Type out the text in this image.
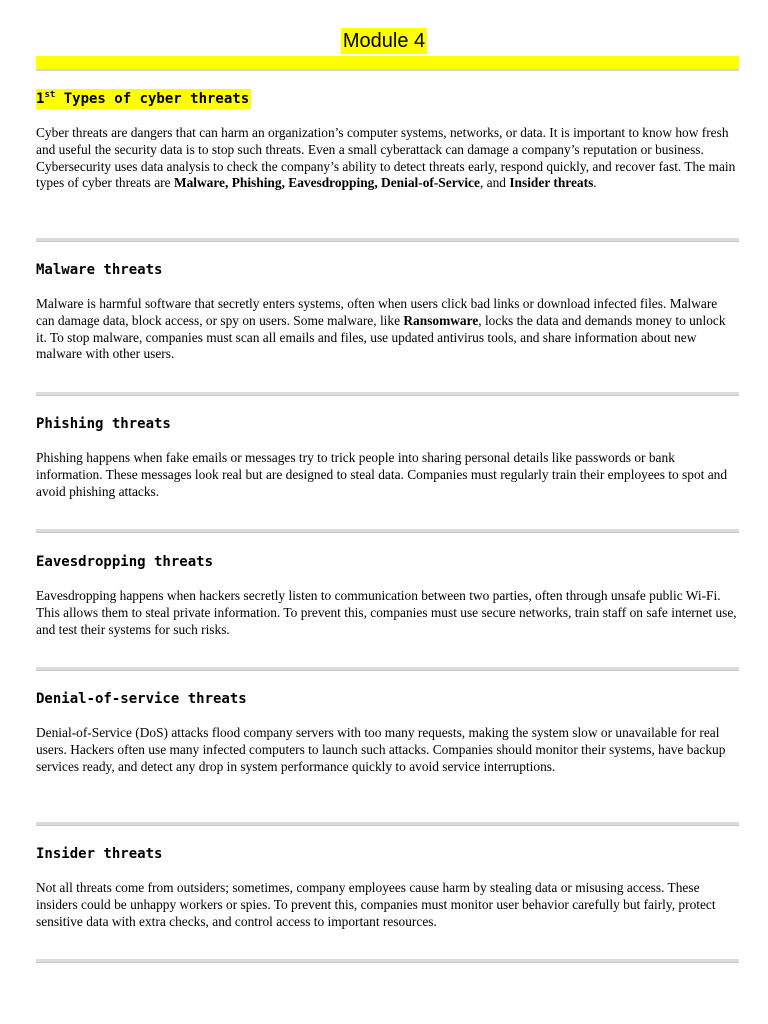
Module 4
1st Types of cyber threats

Cyber threats are dangers that can harm an organization’s computer systems, networks, or data. It is important to know how fresh and useful the security data is to stop such threats. Even a small cyberattack can damage a company’s reputation or business. Cybersecurity uses data analysis to check the company’s ability to detect threats early, respond quickly, and recover fast. The main types of cyber threats are Malware, Phishing, Eavesdropping, Denial-of-Service, and Insider threats.

Malware threats

Malware is harmful software that secretly enters systems, often when users click bad links or download infected files. Malware can damage data, block access, or spy on users. Some malware, like Ransomware, locks the data and demands money to unlock it. To stop malware, companies must scan all emails and files, use updated antivirus tools, and share information about new malware with other users.

Phishing threats

Phishing happens when fake emails or messages try to trick people into sharing personal details like passwords or bank information. These messages look real but are designed to steal data. Companies must regularly train their employees to spot and avoid phishing attacks.

Eavesdropping threats

Eavesdropping happens when hackers secretly listen to communication between two parties, often through unsafe public Wi-Fi. This allows them to steal private information. To prevent this, companies must use secure networks, train staff on safe internet use, and test their systems for such risks.

Denial-of-service threats

Denial-of-Service (DoS) attacks flood company servers with too many requests, making the system slow or unavailable for real users. Hackers often use many infected computers to launch such attacks. Companies should monitor their systems, have backup services ready, and detect any drop in system performance quickly to avoid service interruptions.

Insider threats

Not all threats come from outsiders; sometimes, company employees cause harm by stealing data or misusing access. These insiders could be unhappy workers or spies. To prevent this, companies must monitor user behavior carefully but fairly, protect sensitive data with extra checks, and control access to important resources.
